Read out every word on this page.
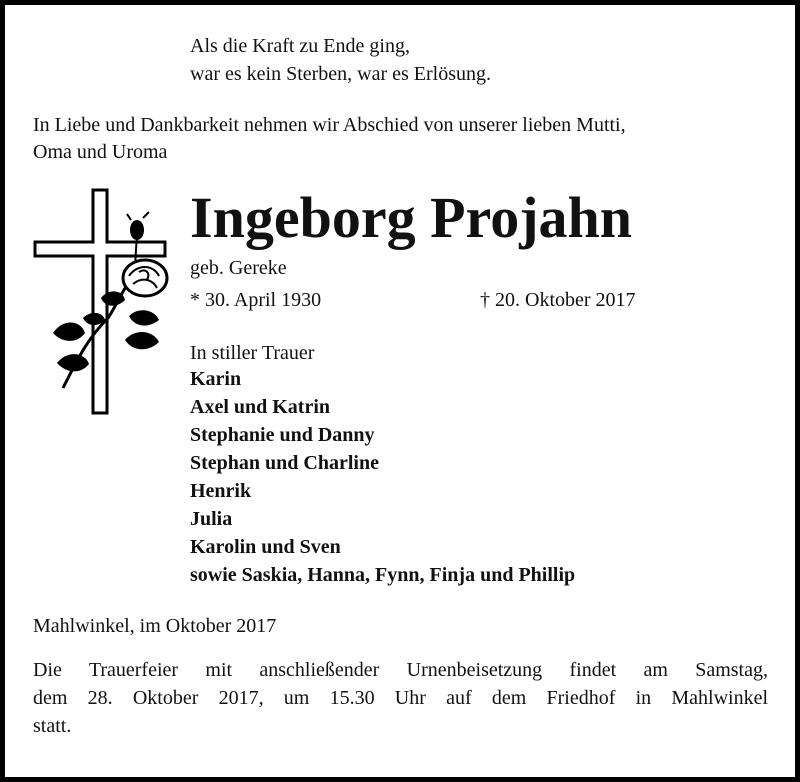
Als die Kraft zu Ende ging,
war es kein Sterben, war es Erlösung.
In Liebe und Dankbarkeit nehmen wir Abschied von unserer lieben Mutti,
Oma und Uroma
Ingeborg Projahn
geb. Gereke
* 30. April 1930	† 20. Oktober 2017
In stiller Trauer
Karin
Axel und Katrin
Stephanie und Danny
Stephan und Charline
Henrik
Julia
Karolin und Sven
sowie Saskia, Hanna, Fynn, Finja und Phillip
Mahlwinkel, im Oktober 2017
Die Trauerfeier mit anschließender Urnenbeisetzung findet am Samstag,
dem 28. Oktober 2017, um 15.30 Uhr auf dem Friedhof in Mahlwinkel
statt.
